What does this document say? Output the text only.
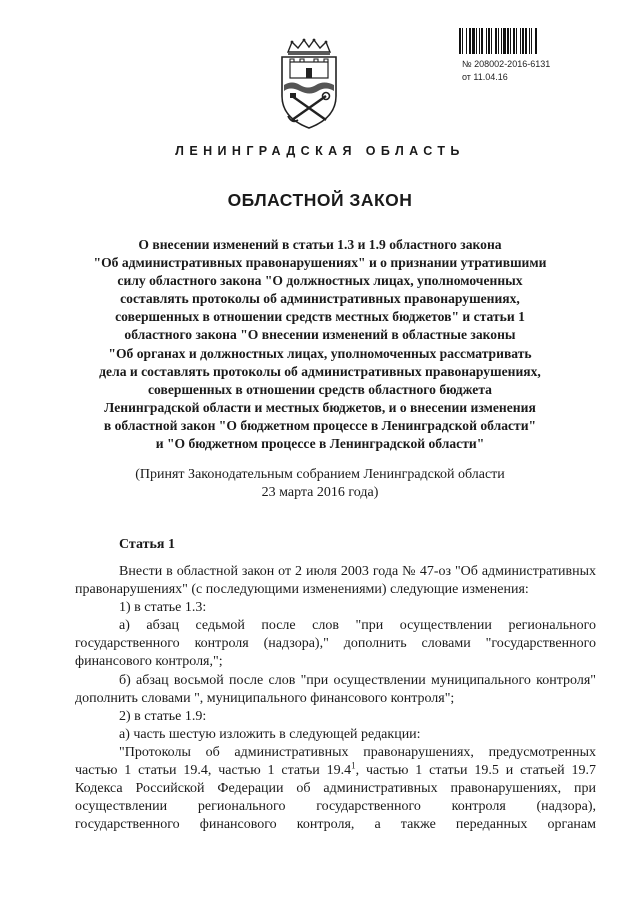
№ 208002-2016-6131
от 11.04.16
ЛЕНИНГРАДСКАЯ ОБЛАСТЬ
ОБЛАСТНОЙ ЗАКОН
О внесении изменений в статьи 1.3 и 1.9 областного закона
"Об административных правонарушениях" и о признании утратившими
силу областного закона "О должностных лицах, уполномоченных
составлять протоколы об административных правонарушениях,
совершенных в отношении средств местных бюджетов" и статьи 1
областного закона "О внесении изменений в областные законы
"Об органах и должностных лицах, уполномоченных рассматривать
дела и составлять протоколы об административных правонарушениях,
совершенных в отношении средств областного бюджета
Ленинградской области и местных бюджетов, и о внесении изменения
в областной закон "О бюджетном процессе в Ленинградской области"
и "О бюджетном процессе в Ленинградской области"
(Принят Законодательным собранием Ленинградской области
23 марта 2016 года)
Статья 1
Внести в областной закон от 2 июля 2003 года № 47-оз "Об административных
правонарушениях" (с последующими изменениями) следующие изменения:
1) в статье 1.3:
а) абзац седьмой после слов "при осуществлении регионального
государственного контроля (надзора)," дополнить словами "государственного
финансового контроля,";
б) абзац восьмой после слов "при осуществлении муниципального контроля"
дополнить словами ", муниципального финансового контроля";
2) в статье 1.9:
а) часть шестую изложить в следующей редакции:
"Протоколы об административных правонарушениях, предусмотренных
частью 1 статьи 19.4, частью 1 статьи 19.4$^1$, частью 1 статьи 19.5 и статьей 19.7
Кодекса Российской Федерации об административных правонарушениях, при
осуществлении регионального государственного контроля (надзора),
государственного финансового контроля, а также переданных органам
